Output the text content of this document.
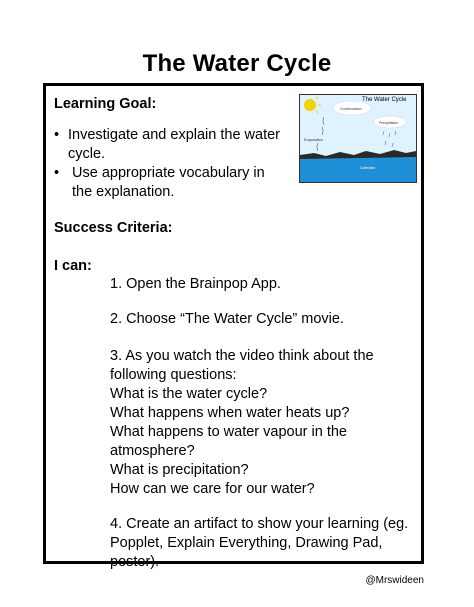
The Water Cycle
Learning Goal:
• Investigate and explain the water
cycle.
• Use appropriate vocabulary in
the explanation.
The Water Cycle
Condensation
Precipitation
Evaporation
Collection
Success Criteria:
I can:
1. Open the Brainpop App.
2. Choose “The Water Cycle” movie.
3. As you watch the video think about the
following questions:
What is the water cycle?
What happens when water heats up?
What happens to water vapour in the
atmosphere?
What is precipitation?
How can we care for our water?
4. Create an artifact to show your learning (eg.
Popplet, Explain Everything, Drawing Pad,
poster).
@Mrswideen
